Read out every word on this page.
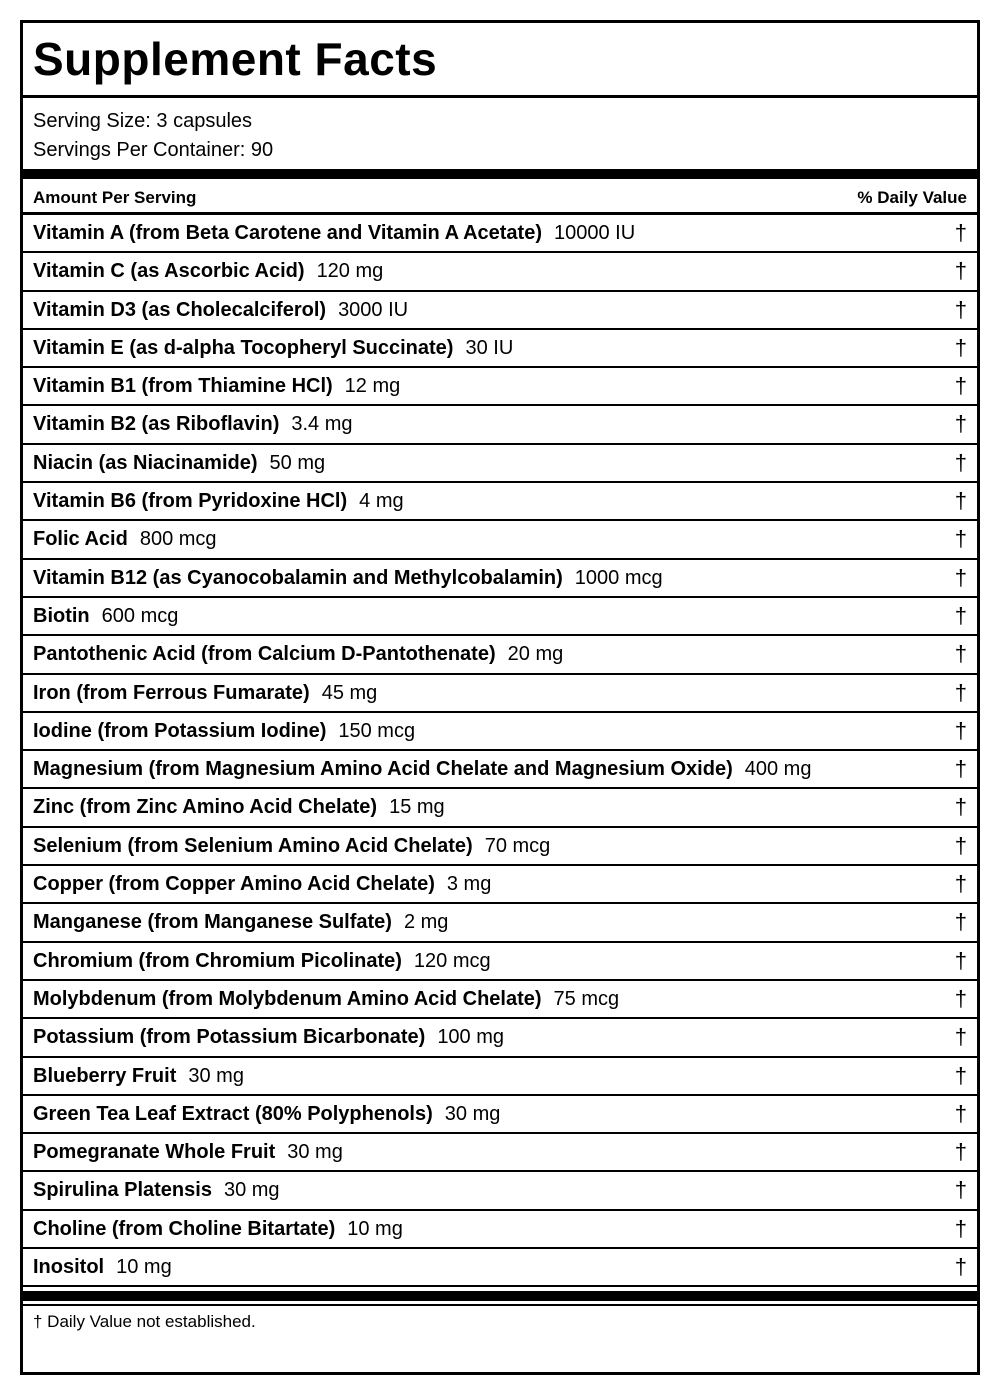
Supplement Facts
Serving Size: 3 capsules
Servings Per Container: 90
Amount Per Serving	% Daily Value
Vitamin A (from Beta Carotene and Vitamin A Acetate) 10000 IU	†
Vitamin C (as Ascorbic Acid) 120 mg	†
Vitamin D3 (as Cholecalciferol) 3000 IU	†
Vitamin E (as d-alpha Tocopheryl Succinate) 30 IU	†
Vitamin B1 (from Thiamine HCl) 12 mg	†
Vitamin B2 (as Riboflavin) 3.4 mg	†
Niacin (as Niacinamide) 50 mg	†
Vitamin B6 (from Pyridoxine HCl) 4 mg	†
Folic Acid 800 mcg	†
Vitamin B12 (as Cyanocobalamin and Methylcobalamin) 1000 mcg	†
Biotin 600 mcg	†
Pantothenic Acid (from Calcium D-Pantothenate) 20 mg	†
Iron (from Ferrous Fumarate) 45 mg	†
Iodine (from Potassium Iodine) 150 mcg	†
Magnesium (from Magnesium Amino Acid Chelate and Magnesium Oxide) 400 mg	†
Zinc (from Zinc Amino Acid Chelate) 15 mg	†
Selenium (from Selenium Amino Acid Chelate) 70 mcg	†
Copper (from Copper Amino Acid Chelate) 3 mg	†
Manganese (from Manganese Sulfate) 2 mg	†
Chromium (from Chromium Picolinate) 120 mcg	†
Molybdenum (from Molybdenum Amino Acid Chelate) 75 mcg	†
Potassium (from Potassium Bicarbonate) 100 mg	†
Blueberry Fruit 30 mg	†
Green Tea Leaf Extract (80% Polyphenols) 30 mg	†
Pomegranate Whole Fruit 30 mg	†
Spirulina Platensis 30 mg	†
Choline (from Choline Bitartate) 10 mg	†
Inositol 10 mg	†
† Daily Value not established.
